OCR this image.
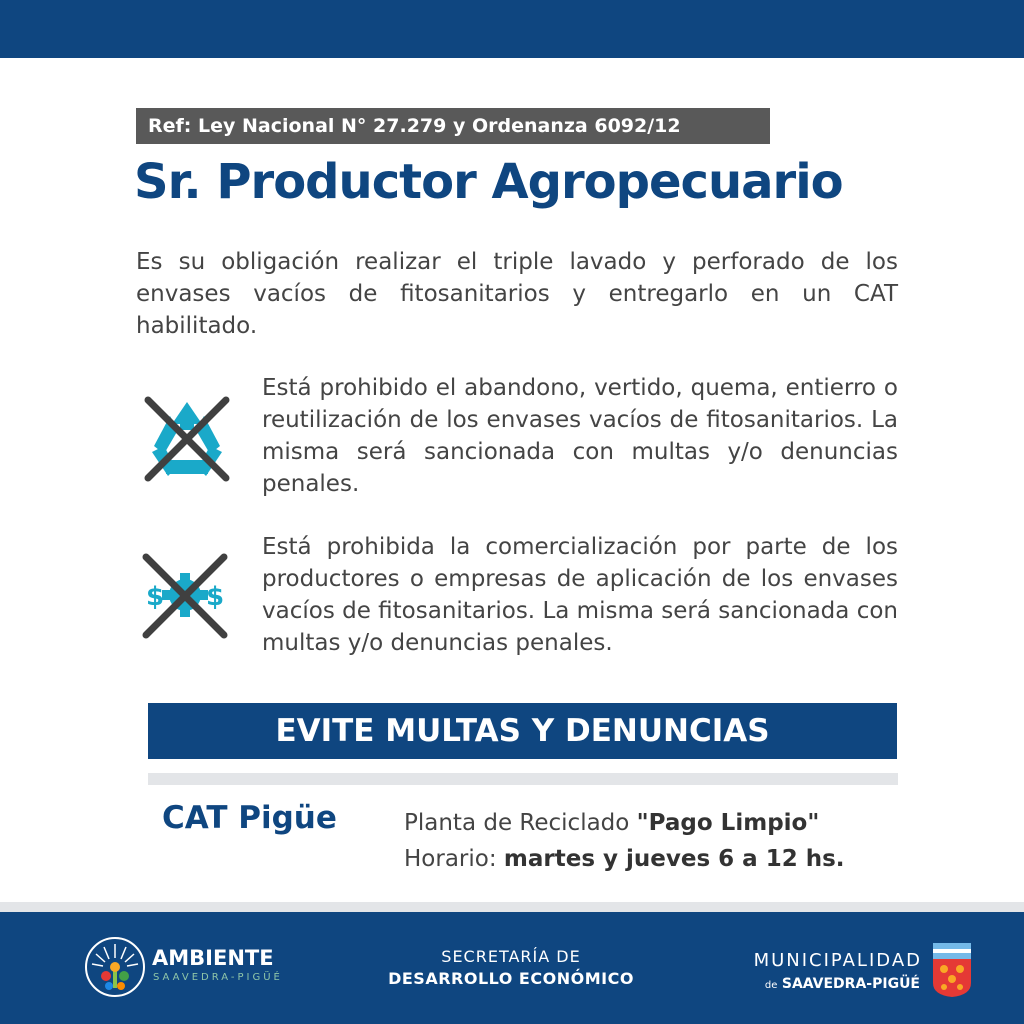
Ref: Ley Nacional N° 27.279 y Ordenanza 6092/12
Sr. Productor Agropecuario

Es su obligación realizar el triple lavado y perforado de los envases vacíos de fitosanitarios y entregarlo en un CAT habilitado.

Está prohibido el abandono, vertido, quema, entierro o reutilización de los envases vacíos de fitosanitarios. La misma será sancionada con multas y/o denuncias penales.

$ $

Está prohibida la comercialización por parte de los productores o empresas de aplicación de los envases vacíos de fitosanitarios. La misma será sancionada con multas y/o denuncias penales.

EVITE MULTAS Y DENUNCIAS
CAT Pigüe	Planta de Reciclado "Pago Limpio"
Horario: martes y jueves 6 a 12 hs.
AMBIENTE
SAAVEDRA-PIGÜÉ
SECRETARÍA DE
DESARROLLO ECONÓMICO
MUNICIPALIDAD
de SAAVEDRA-PIGÜÉ
